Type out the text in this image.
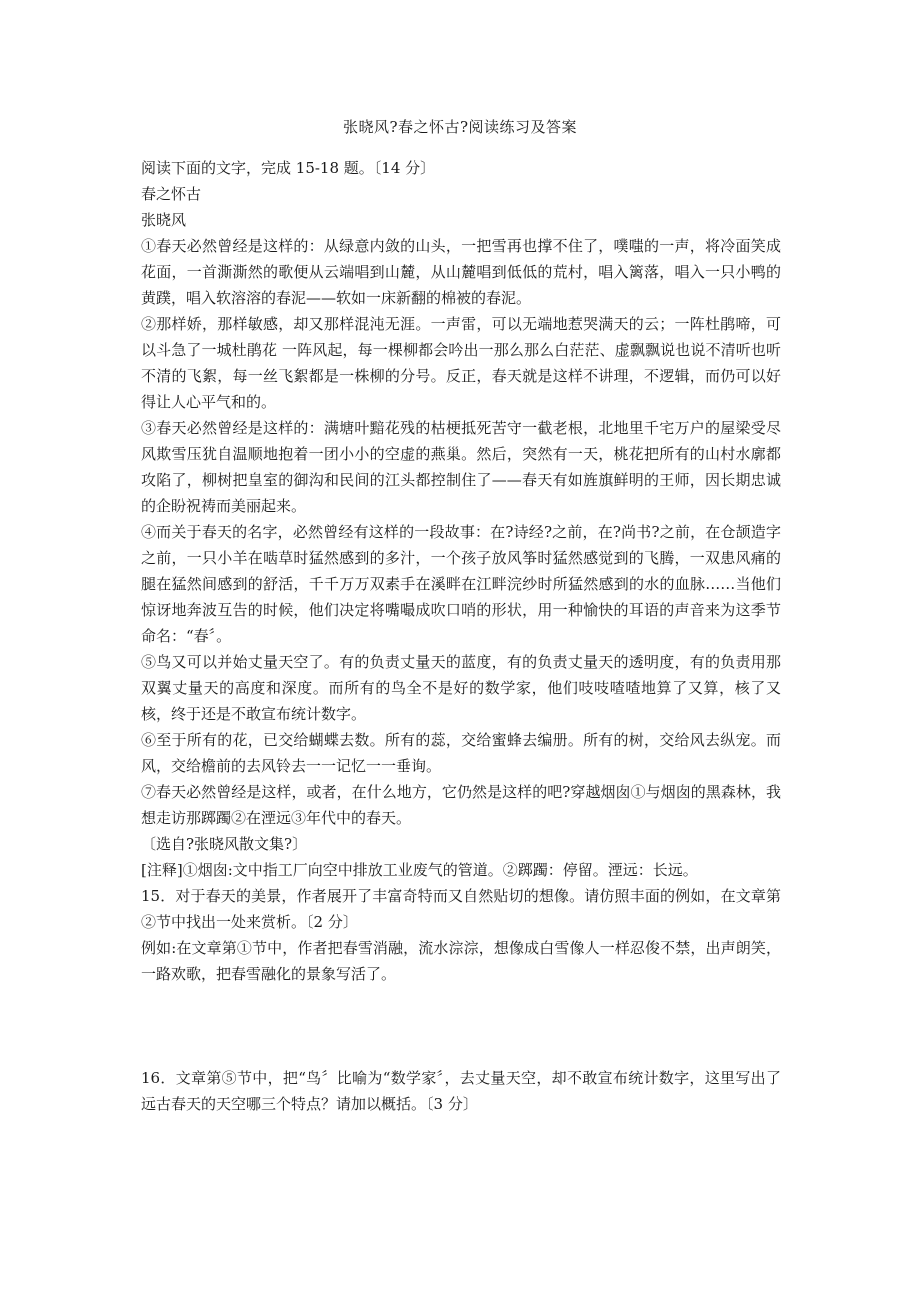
张晓风?春之怀古?阅读练习及答案

阅读下面的文字，完成 15-18 题。〔14 分〕

春之怀古

张晓风

①春天必然曾经是这样的：从绿意内敛的山头，一把雪再也撑不住了，噗嗤的一声，将冷面笑成花面，一首澌澌然的歌便从云端唱到山麓，从山麓唱到低低的荒村，唱入篱落，唱入一只小鸭的黄蹼，唱入软溶溶的春泥——软如一床新翻的棉被的春泥。

②那样娇，那样敏感，却又那样混沌无涯。一声雷，可以无端地惹哭满天的云；一阵杜鹃啼，可以斗急了一城杜鹃花 一阵风起，每一棵柳都会吟出一那么那么白茫茫、虚飘飘说也说不清听也听不清的飞絮，每一丝飞絮都是一株柳的分号。反正，春天就是这样不讲理，不逻辑，而仍可以好得让人心平气和的。

③春天必然曾经是这样的：满塘叶黯花残的枯梗抵死苦守一截老根，北地里千宅万户的屋梁受尽风欺雪压犹自温顺地抱着一团小小的空虚的燕巢。然后，突然有一天，桃花把所有的山村水廓都攻陷了，柳树把皇室的御沟和民间的江头都控制住了——春天有如旌旗鲜明的王师，因长期忠诚的企盼祝祷而美丽起来。

④而关于春天的名字，必然曾经有这样的一段故事：在?诗经?之前，在?尚书?之前，在仓颉造字之前，一只小羊在啮草时猛然感到的多汁，一个孩子放风筝时猛然感觉到的飞腾，一双患风痛的腿在猛然间感到的舒活，千千万万双素手在溪畔在江畔浣纱时所猛然感到的水的血脉……当他们惊讶地奔波互告的时候，他们决定将嘴嘬成吹口哨的形状，用一种愉快的耳语的声音来为这季节命名：“春〞。

⑤鸟又可以并始丈量天空了。有的负责丈量天的蓝度，有的负责丈量天的透明度，有的负责用那双翼丈量天的高度和深度。而所有的鸟全不是好的数学家，他们吱吱喳喳地算了又算，核了又核，终于还是不敢宣布统计数字。

⑥至于所有的花，已交给蝴蝶去数。所有的蕊，交给蜜蜂去编册。所有的树，交给风去纵宠。而风，交给檐前的去风铃去一一记忆一一垂询。

⑦春天必然曾经是这样，或者，在什么地方，它仍然是这样的吧?穿越烟囱①与烟囱的黑森林，我想走访那踯躅②在湮远③年代中的春天。

〔选自?张晓风散文集?〕

[注释]①烟囱:文中指工厂向空中排放工业废气的管道。②踯躅：停留。湮远：长远。

15．对于春天的美景，作者展开了丰富奇特而又自然贴切的想像。请仿照丰面的例如，在文章第②节中找出一处来赏析。〔2 分〕

例如:在文章第①节中，作者把春雪消融，流水淙淙，想像成白雪像人一样忍俊不禁，出声朗笑，一路欢歌，把春雪融化的景象写活了。

16．文章第⑤节中，把“鸟〞比喻为“数学家〞，去丈量天空，却不敢宣布统计数字，这里写出了远古春天的天空哪三个特点？请加以概括。〔3 分〕
